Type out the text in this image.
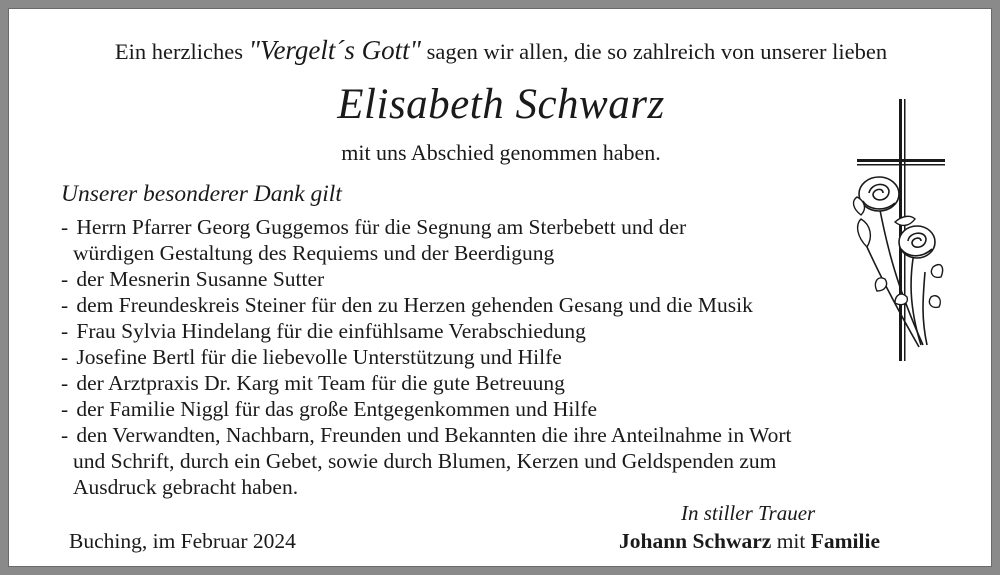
Ein herzliches "Vergelt´s Gott" sagen wir allen, die so zahlreich von unserer lieben
Elisabeth Schwarz
mit uns Abschied genommen haben.
Unserer besonderer Dank gilt
- Herrn Pfarrer Georg Guggemos für die Segnung am Sterbebett und der
würdigen Gestaltung des Requiems und der Beerdigung
- der Mesnerin Susanne Sutter
- dem Freundeskreis Steiner für den zu Herzen gehenden Gesang und die Musik
- Frau Sylvia Hindelang für die einfühlsame Verabschiedung
- Josefine Bertl für die liebevolle Unterstützung und Hilfe
- der Arztpraxis Dr. Karg mit Team für die gute Betreuung
- der Familie Niggl für das große Entgegenkommen und Hilfe
- den Verwandten, Nachbarn, Freunden und Bekannten die ihre Anteilnahme in Wort
und Schrift, durch ein Gebet, sowie durch Blumen, Kerzen und Geldspenden zum
Ausdruck gebracht haben.
In stiller Trauer
Buching, im Februar 2024	Johann Schwarz mit Familie
